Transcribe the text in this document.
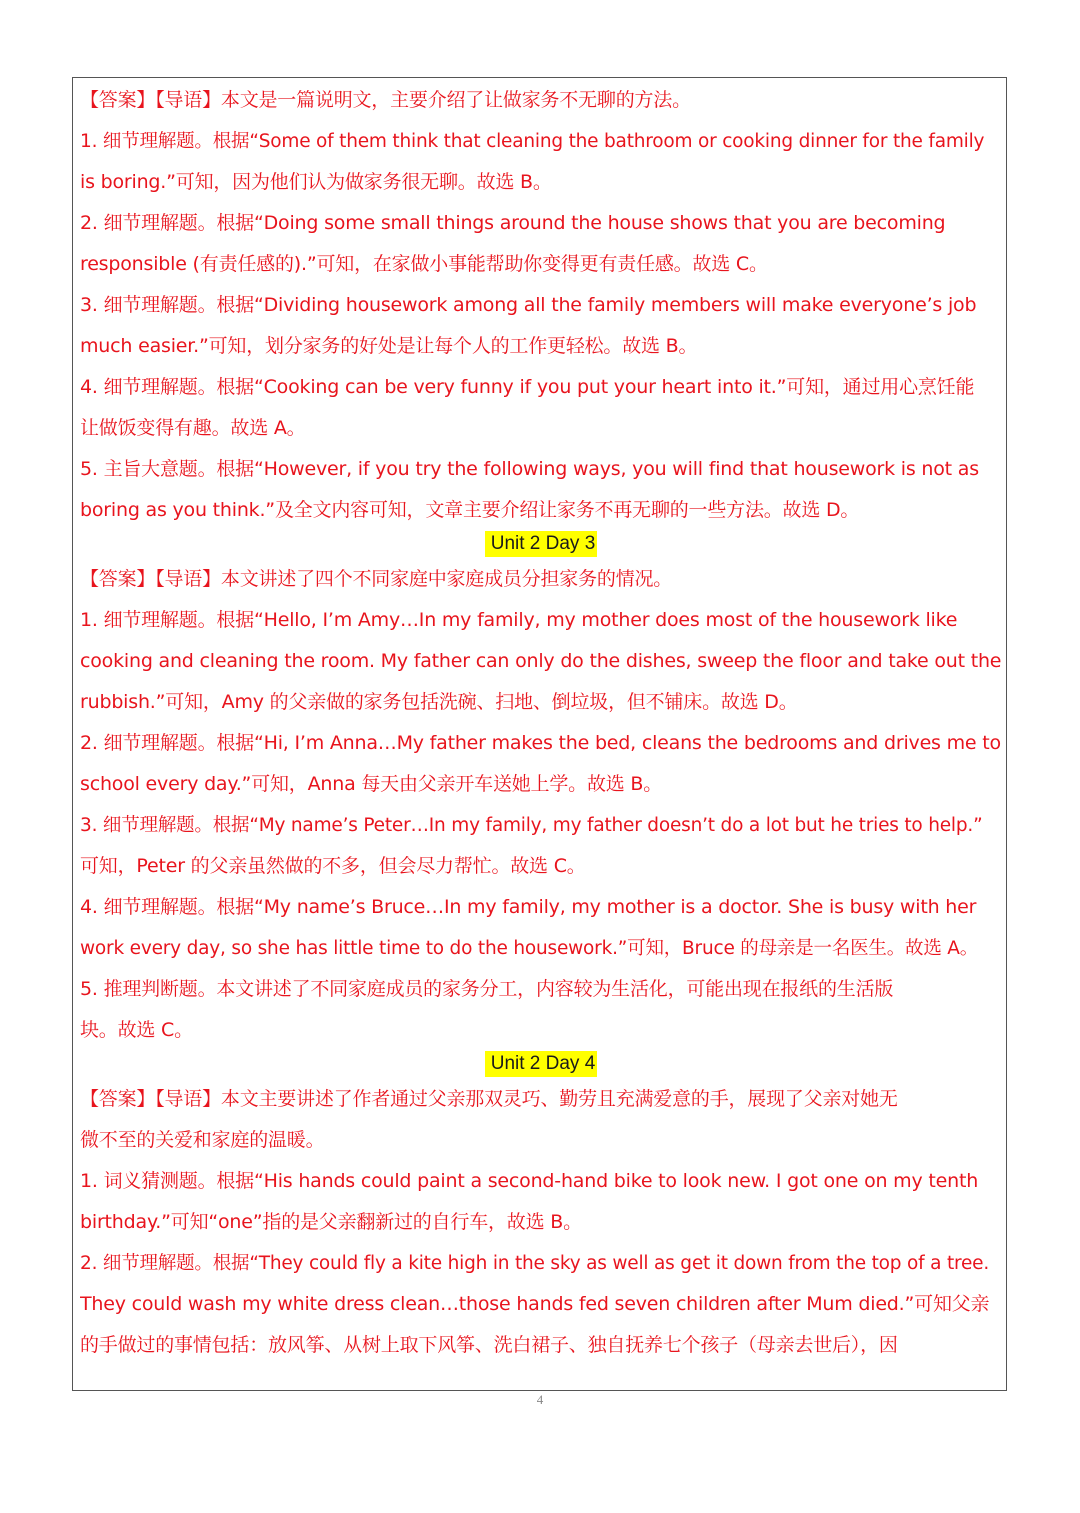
【答案】【导语】本文是一篇说明文，主要介绍了让做家务不无聊的方法。
1. 细节理解题。根据“Some of them think that cleaning the bathroom or cooking dinner for the family
is boring.”可知，因为他们认为做家务很无聊。故选 B。
2. 细节理解题。根据“Doing some small things around the house shows that you are becoming
responsible (有责任感的).”可知，在家做小事能帮助你变得更有责任感。故选 C。
3. 细节理解题。根据“Dividing housework among all the family members will make everyone’s job
much easier.”可知，划分家务的好处是让每个人的工作更轻松。故选 B。
4. 细节理解题。根据“Cooking can be very funny if you put your heart into it.”可知，通过用心烹饪能
让做饭变得有趣。故选 A。
5. 主旨大意题。根据“However, if you try the following ways, you will find that housework is not as
boring as you think.”及全文内容可知，文章主要介绍让家务不再无聊的一些方法。故选 D。
Unit 2 Day 3
【答案】【导语】本文讲述了四个不同家庭中家庭成员分担家务的情况。
1. 细节理解题。根据“Hello, I’m Amy…In my family, my mother does most of the housework like
cooking and cleaning the room. My father can only do the dishes, sweep the floor and take out the
rubbish.”可知，Amy 的父亲做的家务包括洗碗、扫地、倒垃圾，但不铺床。故选 D。
2. 细节理解题。根据“Hi, I’m Anna…My father makes the bed, cleans the bedrooms and drives me to
school every day.”可知，Anna 每天由父亲开车送她上学。故选 B。
3. 细节理解题。根据“My name’s Peter…In my family, my father doesn’t do a lot but he tries to help.”
可知，Peter 的父亲虽然做的不多，但会尽力帮忙。故选 C。
4. 细节理解题。根据“My name’s Bruce…In my family, my mother is a doctor. She is busy with her
work every day, so she has little time to do the housework.”可知，Bruce 的母亲是一名医生。故选 A。
5. 推理判断题。本文讲述了不同家庭成员的家务分工，内容较为生活化，可能出现在报纸的生活版
块。故选 C。
Unit 2 Day 4
【答案】【导语】本文主要讲述了作者通过父亲那双灵巧、勤劳且充满爱意的手，展现了父亲对她无
微不至的关爱和家庭的温暖。
1. 词义猜测题。根据“His hands could paint a second-hand bike to look new. I got one on my tenth
birthday.”可知“one”指的是父亲翻新过的自行车，故选 B。
2. 细节理解题。根据“They could fly a kite high in the sky as well as get it down from the top of a tree.
They could wash my white dress clean…those hands fed seven children after Mum died.”可知父亲
的手做过的事情包括：放风筝、从树上取下风筝、洗白裙子、独自抚养七个孩子（母亲去世后），因
4
